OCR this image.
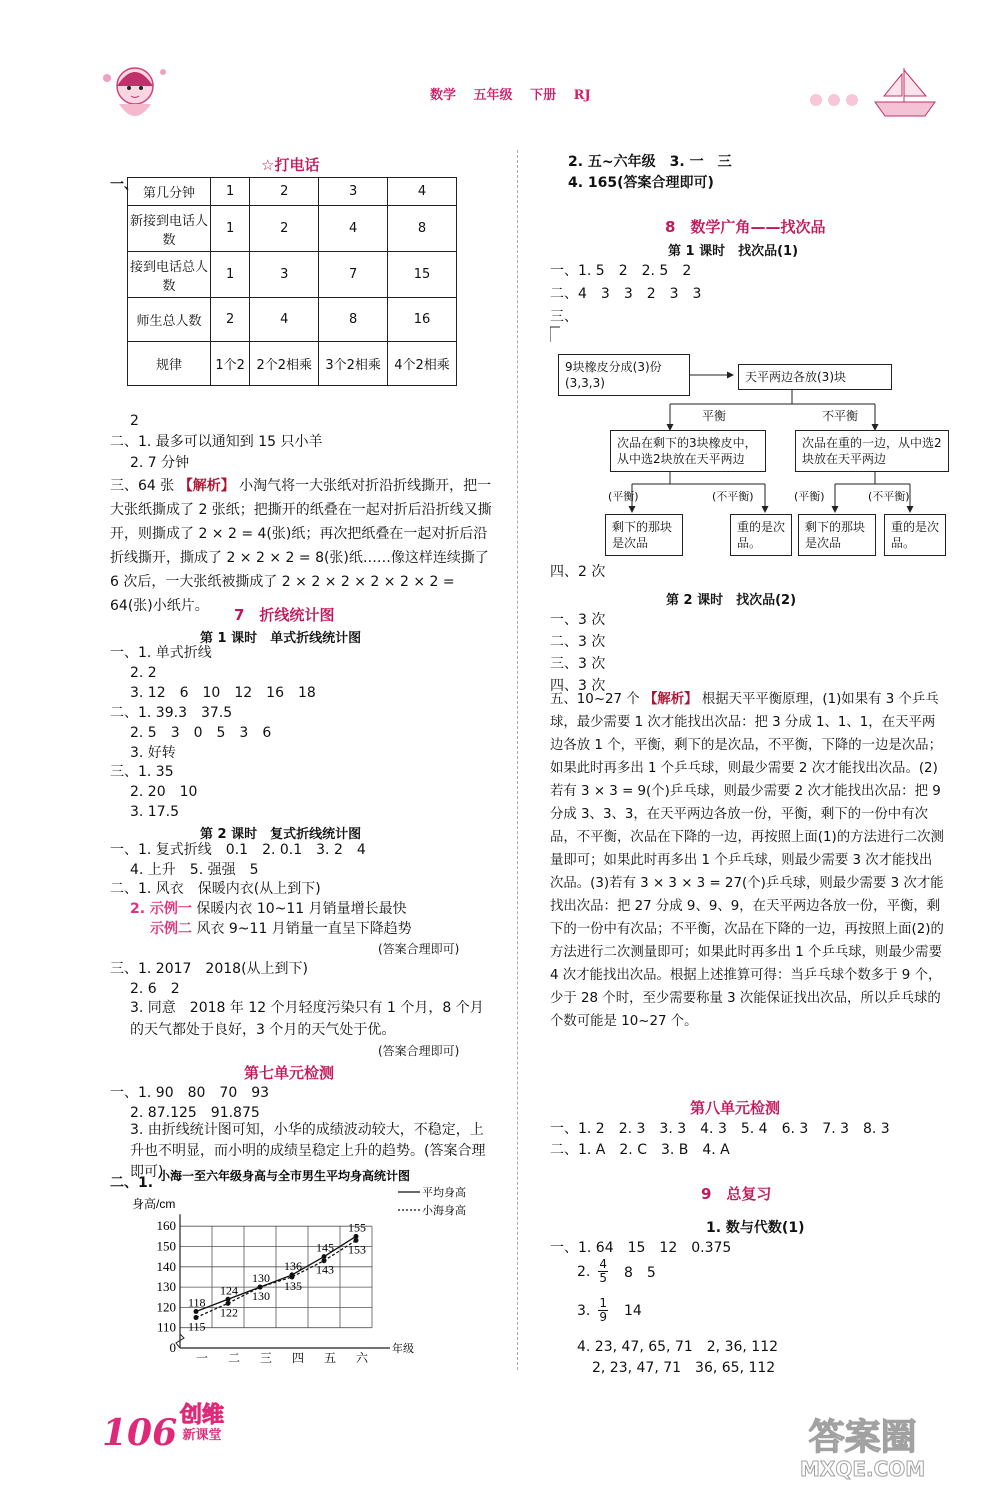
数学　 五年级　 下册　 RJ
☆打电话
一、
第几分钟	1	2	3	4
新接到电话人数	1	2	4	8
接到电话总人数	1	3	7	15
师生总人数	2	4	8	16
规律	1个2	2个2相乘	3个2相乘	4个2相乘
2
二、1. 最多可以通知到 15 只小羊
2. 7 分钟
三、64 张 【解析】 小淘气将一大张纸对折沿折线撕开，把一大张纸撕成了 2 张纸；把撕开的纸叠在一起对折后沿折线又撕开，则撕成了 2 × 2 = 4(张)纸；再次把纸叠在一起对折后沿折线撕开，撕成了 2 × 2 × 2 = 8(张)纸……像这样连续撕了 6 次后，一大张纸被撕成了 2 × 2 × 2 × 2 × 2 × 2 = 64(张)小纸片。	7　折线统计图
第 1 课时　单式折线统计图
一、1. 单式折线
2. 2
3. 12　6　10　12　16　18
二、1. 39.3　37.5
2. 5　3　0　5　3　6
3. 好转
三、1. 35
2. 20　10
3. 17.5
第 2 课时　复式折线统计图
一、1. 复式折线　0.1　2. 0.1　3. 2　4
4. 上升　5. 强强　5
二、1. 风衣　保暖内衣(从上到下)
2. 示例一 保暖内衣 10~11 月销量增长最快
示例二 风衣 9~11 月销量一直呈下降趋势
(答案合理即可)
三、1. 2017　2018(从上到下)
2. 6　2
3. 同意　2018 年 12 个月轻度污染只有 1 个月，8 个月的天气都处于良好，3 个月的天气处于优。
(答案合理即可)
第七单元检测
一、1. 90　80　70　93
2. 87.125　91.875
3. 由折线统计图可知，小华的成绩波动较大，不稳定，上升也不明显，而小明的成绩呈稳定上升的趋势。(答案合理即可)
二、1. 小海一至六年级身高与全市男生平均身高统计图
身高/cm
0
110
120
130
140
150
160
一 二 三 四 五 六
年级
平均身高
小海身高
118
124
130
136
145
155
115
122
130
135
143
153
106 创维
新课堂	答案圈
MXQE.COM
2. 五~六年级　3. 一　三
4. 165(答案合理即可)
8　数学广角——找次品
第 1 课时　找次品(1)
一、1. 5　2　2. 5　2
二、4　3　3　2　3　3
三、
9块橡皮分成(3)份(3,3,3)	天平两边各放(3)块
平衡	不平衡
次品在剩下的3块橡皮中，从中选2块放在天平两边
次品在重的一边，从中选2块放在天平两边
(平衡)	(不平衡)	(平衡)	(不平衡)
剩下的那块是次品
重的是次品。
剩下的那块是次品
重的是次品。
四、2 次
第 2 课时　找次品(2)
一、3 次
二、3 次
三、3 次
四、3 次
五、10~27 个 【解析】 根据天平平衡原理，(1)如果有 3 个乒乓球，最少需要 1 次才能找出次品：把 3 分成 1、1、1，在天平两边各放 1 个，平衡，剩下的是次品，不平衡，下降的一边是次品；如果此时再多出 1 个乒乓球，则最少需要 2 次才能找出次品。(2)若有 3 × 3 = 9(个)乒乓球，则最少需要 2 次才能找出次品：把 9 分成 3、3、3，在天平两边各放一份，平衡，剩下的一份中有次品，不平衡，次品在下降的一边，再按照上面(1)的方法进行二次测量即可；如果此时再多出 1 个乒乓球，则最少需要 3 次才能找出次品。(3)若有 3 × 3 × 3 = 27(个)乒乓球，则最少需要 3 次才能找出次品：把 27 分成 9、9、9，在天平两边各放一份，平衡，剩下的一份中有次品；不平衡，次品在下降的一边，再按照上面(2)的方法进行二次测量即可；如果此时再多出 1 个乒乓球，则最少需要 4 次才能找出次品。根据上述推算可得：当乒乓球个数多于 9 个，少于 28 个时，至少需要称量 3 次能保证找出次品，所以乒乓球的个数可能是 10~27 个。
第八单元检测
一、1. 2　2. 3　3. 3　4. 3　5. 4　6. 3　7. 3　8. 3
二、1. A　2. C　3. B　4. A
9　总复习
1. 数与代数(1)
一、1. 64　15　12　0.375
2. $\frac{4}{5} 8$　5
3. $\frac{1}{9} 14$
4. 23, 47, 65, 71　2, 36, 112
2, 23, 47, 71　36, 65, 112
